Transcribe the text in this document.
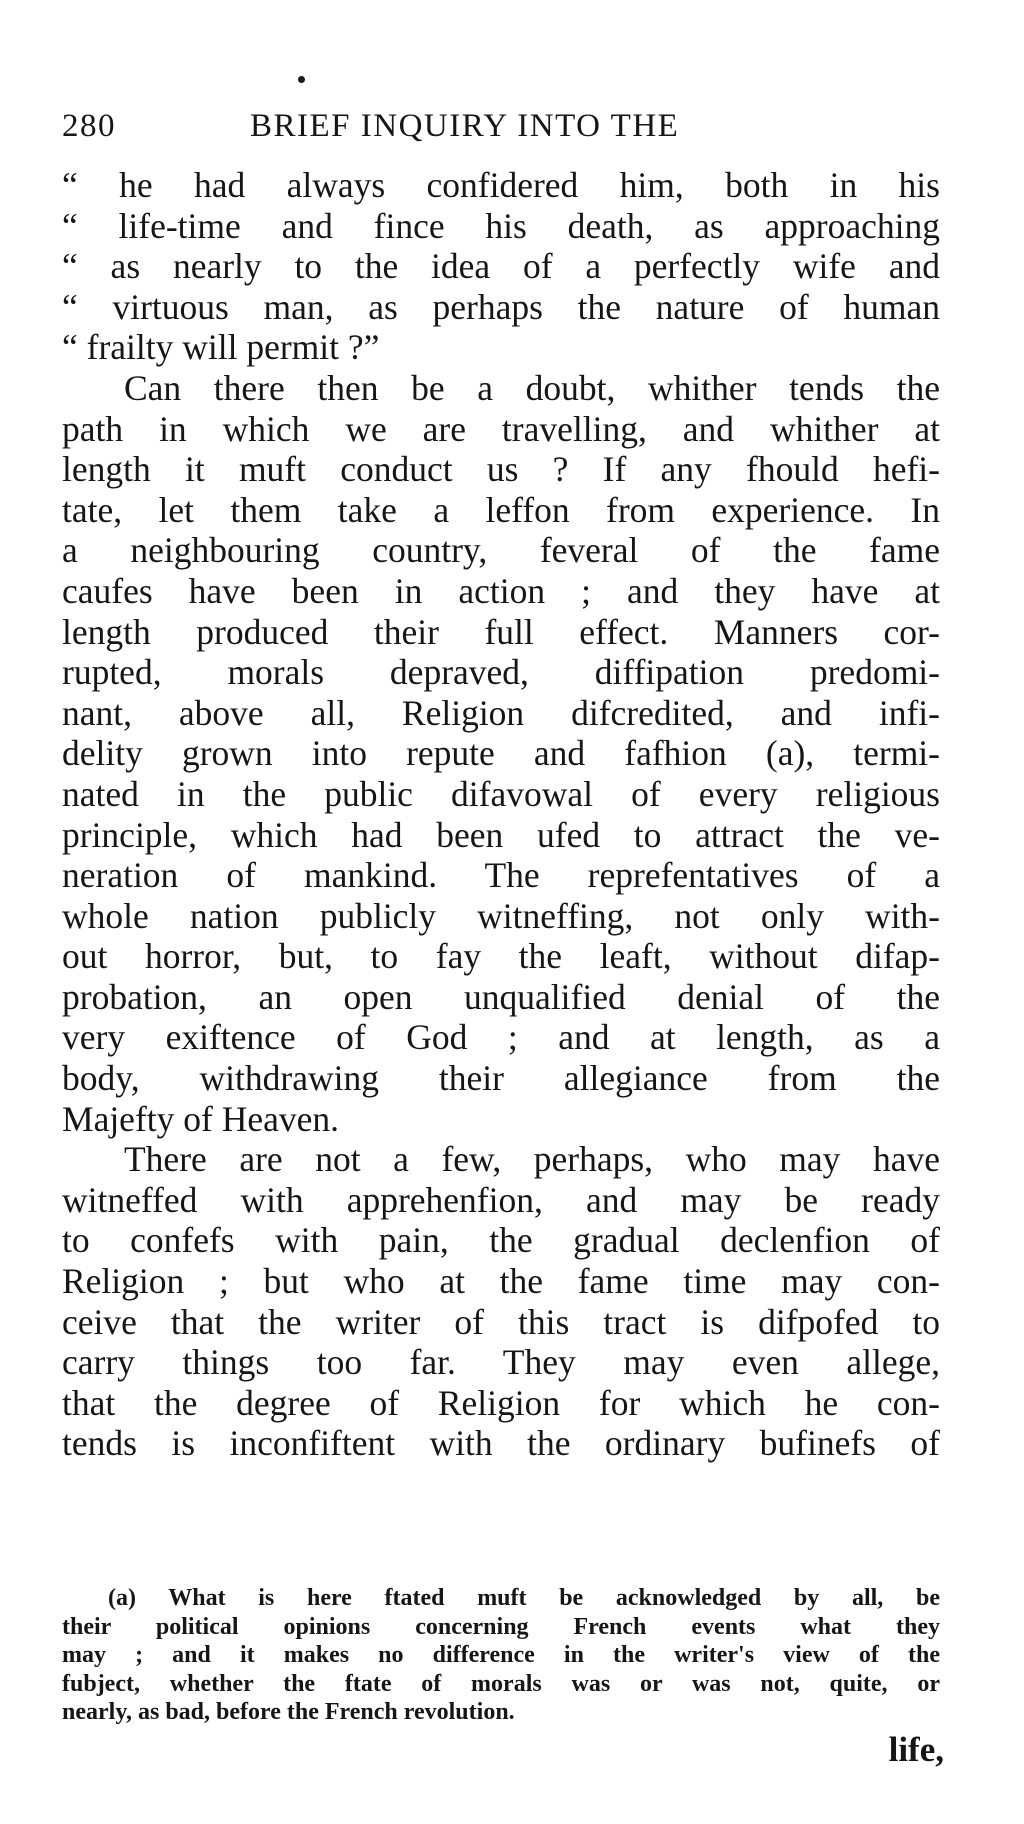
280	BRIEF INQUIRY INTO THE
“ he had always confidered him, both in his
“ life-time and fince his death, as approaching
“ as nearly to the idea of a perfectly wife and
“ virtuous man, as perhaps the nature of human
“ frailty will permit ?”
Can there then be a doubt, whither tends the
path in which we are travelling, and whither at
length it muft conduct us ? If any fhould hefi-
tate, let them take a leffon from experience. In
a neighbouring country, feveral of the fame
caufes have been in action ; and they have at
length produced their full effect. Manners cor-
rupted, morals depraved, diffipation predomi-
nant, above all, Religion difcredited, and infi-
delity grown into repute and fafhion (a), termi-
nated in the public difavowal of every religious
principle, which had been ufed to attract the ve-
neration of mankind. The reprefentatives of a
whole nation publicly witneffing, not only with-
out horror, but, to fay the leaft, without difap-
probation, an open unqualified denial of the
very exiftence of God ; and at length, as a
body, withdrawing their allegiance from the
Majefty of Heaven.
There are not a few, perhaps, who may have
witneffed with apprehenfion, and may be ready
to confefs with pain, the gradual declenfion of
Religion ; but who at the fame time may con-
ceive that the writer of this tract is difpofed to
carry things too far. They may even allege,
that the degree of Religion for which he con-
tends is inconfiftent with the ordinary bufinefs of
(a) What is here ftated muft be acknowledged by all, be
their political opinions concerning French events what they
may ; and it makes no difference in the writer's view of the
fubject, whether the ftate of morals was or was not, quite, or
nearly, as bad, before the French revolution.
life,
